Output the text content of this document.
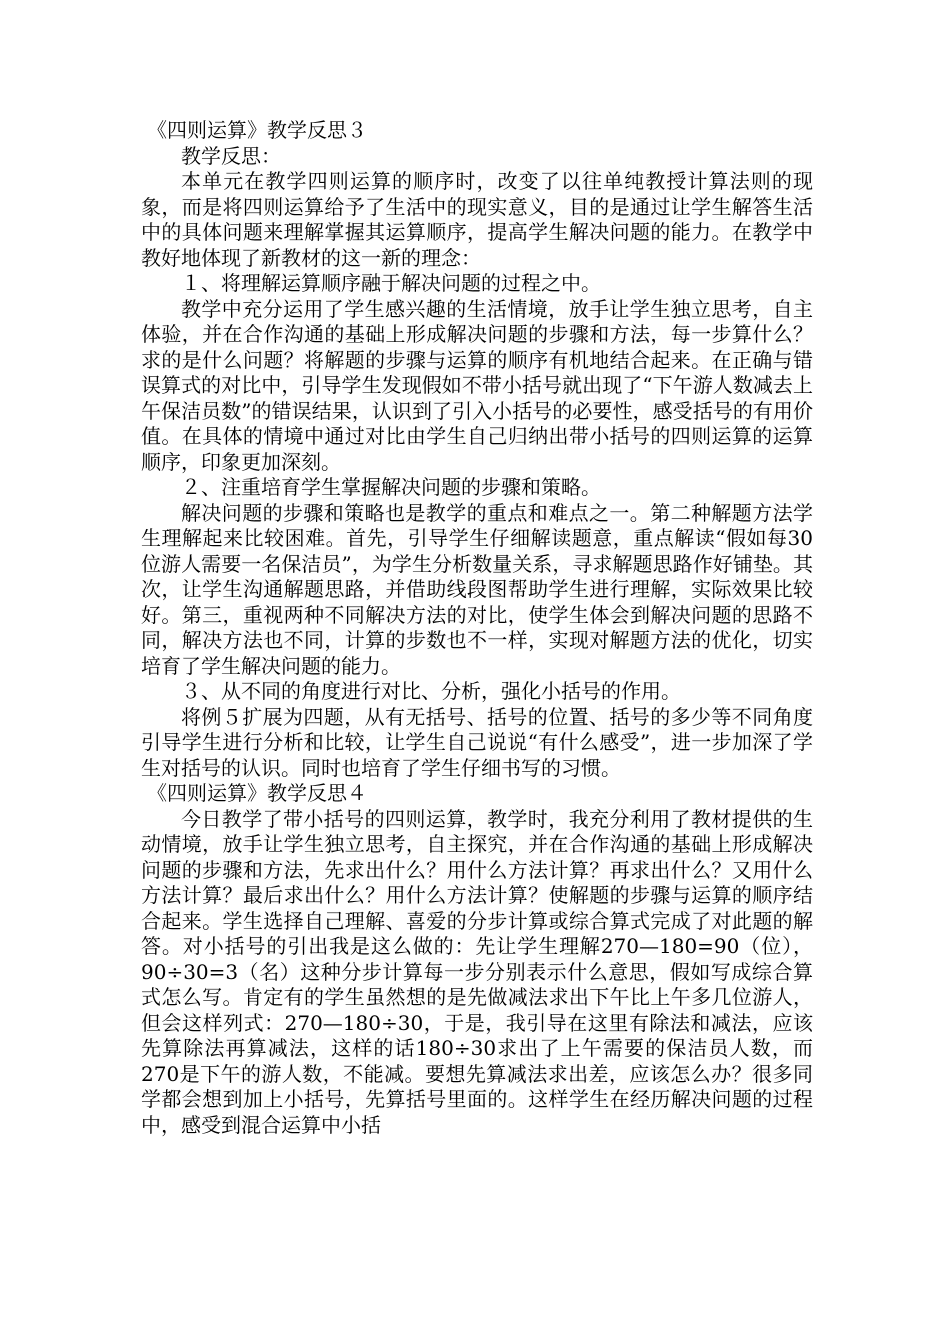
《四则运算》教学反思３

教学反思：

本单元在教学四则运算的顺序时，改变了以往单纯教授计算法则的现象，而是将四则运算给予了生活中的现实意义，目的是通过让学生解答生活中的具体问题来理解掌握其运算顺序，提高学生解决问题的能力。在教学中教好地体现了新教材的这一新的理念：

１、将理解运算顺序融于解决问题的过程之中。

教学中充分运用了学生感兴趣的生活情境，放手让学生独立思考，自主体验，并在合作沟通的基础上形成解决问题的步骤和方法，每一步算什么？求的是什么问题？将解题的步骤与运算的顺序有机地结合起来。在正确与错误算式的对比中，引导学生发现假如不带小括号就出现了“下午游人数减去上午保洁员数”的错误结果，认识到了引入小括号的必要性，感受括号的有用价值。在具体的情境中通过对比由学生自己归纳出带小括号的四则运算的运算顺序，印象更加深刻。

２、注重培育学生掌握解决问题的步骤和策略。

解决问题的步骤和策略也是教学的重点和难点之一。第二种解题方法学生理解起来比较困难。首先，引导学生仔细解读题意，重点解读“假如每30位游人需要一名保洁员”，为学生分析数量关系，寻求解题思路作好铺垫。其次，让学生沟通解题思路，并借助线段图帮助学生进行理解，实际效果比较好。第三，重视两种不同解决方法的对比，使学生体会到解决问题的思路不同，解决方法也不同，计算的步数也不一样，实现对解题方法的优化，切实培育了学生解决问题的能力。

３、从不同的角度进行对比、分析，强化小括号的作用。

将例５扩展为四题，从有无括号、括号的位置、括号的多少等不同角度引导学生进行分析和比较，让学生自己说说“有什么感受”，进一步加深了学生对括号的认识。同时也培育了学生仔细书写的习惯。

《四则运算》教学反思４

今日教学了带小括号的四则运算，教学时，我充分利用了教材提供的生动情境，放手让学生独立思考，自主探究，并在合作沟通的基础上形成解决问题的步骤和方法，先求出什么？用什么方法计算？再求出什么？又用什么方法计算？最后求出什么？用什么方法计算？使解题的步骤与运算的顺序结合起来。学生选择自己理解、喜爱的分步计算或综合算式完成了对此题的解答。对小括号的引出我是这么做的：先让学生理解270—180=90（位），90÷30=3（名）这种分步计算每一步分别表示什么意思，假如写成综合算式怎么写。肯定有的学生虽然想的是先做减法求出下午比上午多几位游人，但会这样列式：270—180÷30，于是，我引导在这里有除法和减法，应该先算除法再算减法，这样的话180÷30求出了上午需要的保洁员人数，而270是下午的游人数，不能减。要想先算减法求出差，应该怎么办？很多同学都会想到加上小括号，先算括号里面的。这样学生在经历解决问题的过程中，感受到混合运算中小括
